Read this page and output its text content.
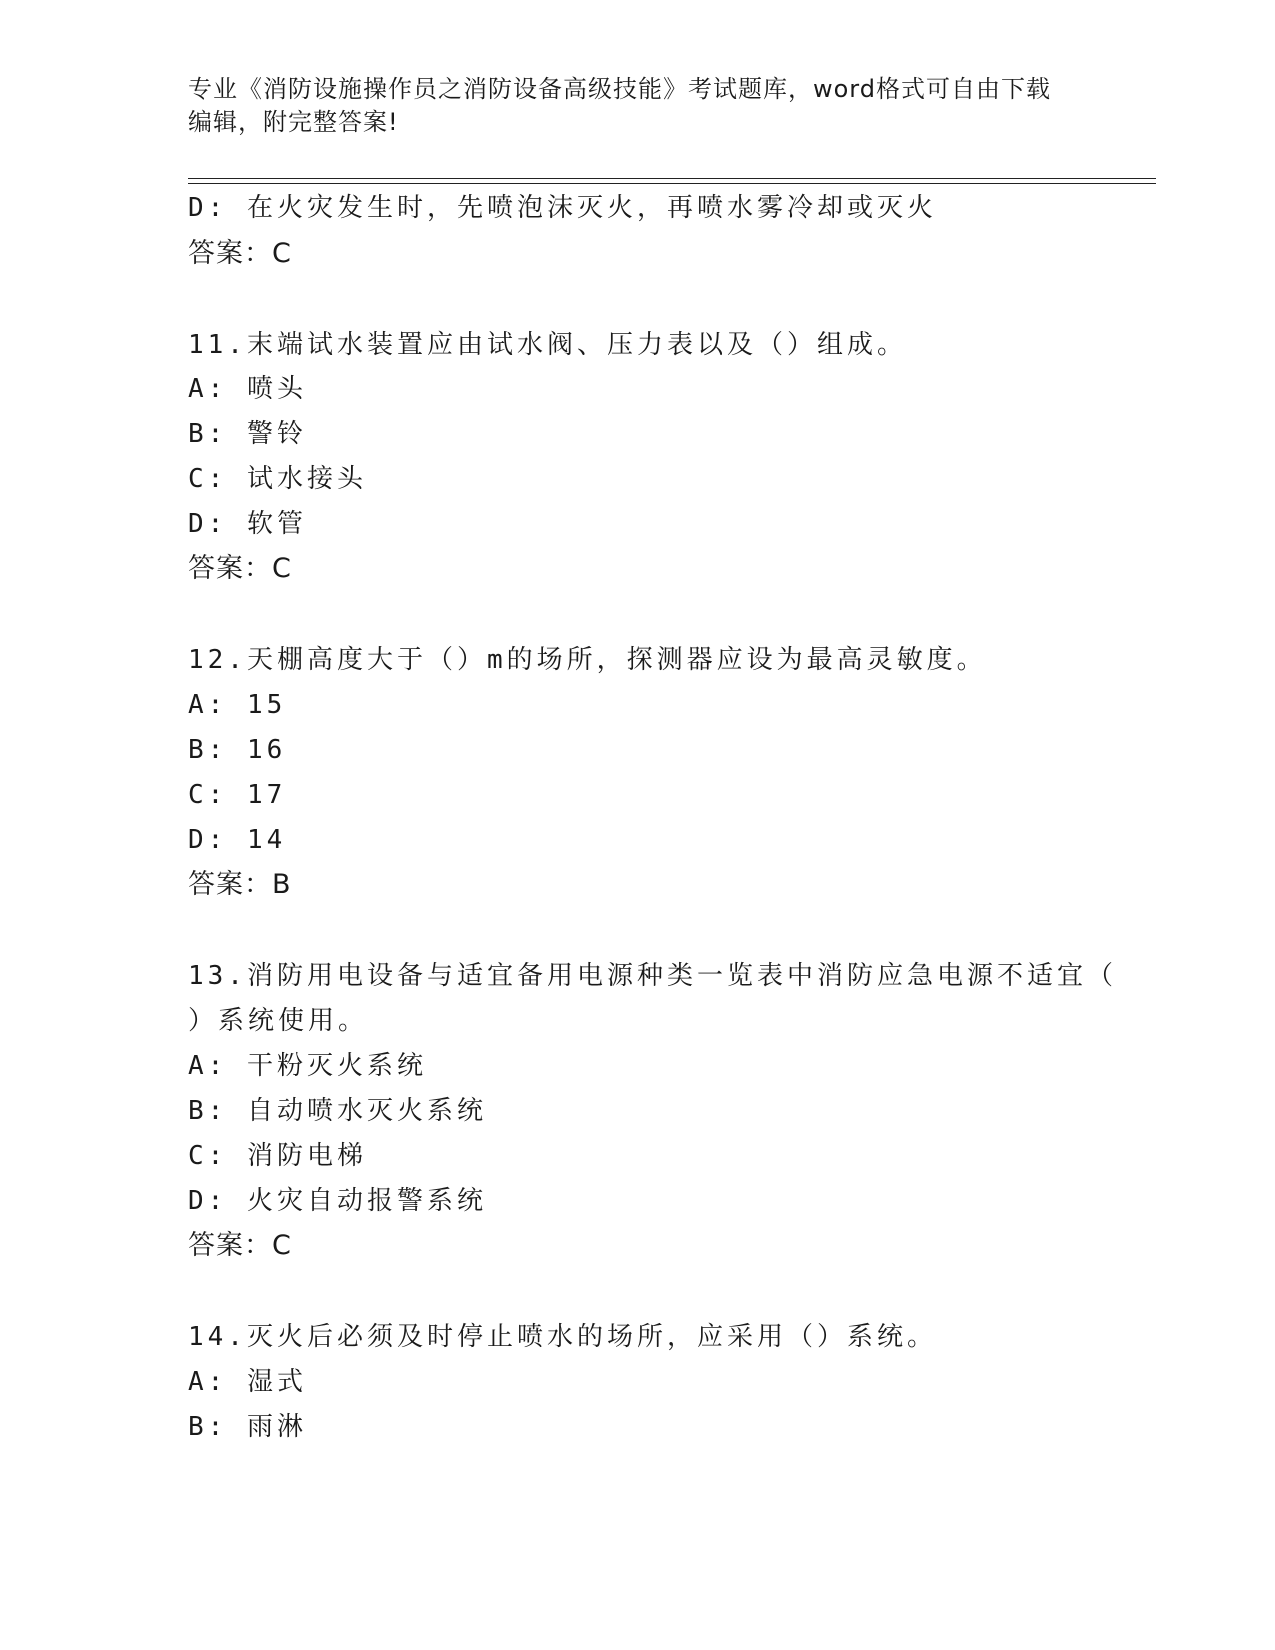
专业《消防设施操作员之消防设备高级技能》考试题库，word格式可自由下载编辑，附完整答案!
D: 在火灾发生时，先喷泡沫灭火，再喷水雾冷却或灭火
答案：C
11.末端试水装置应由试水阀、压力表以及（）组成。
A: 喷头
B: 警铃
C: 试水接头
D: 软管
答案：C
12.天棚高度大于（）m的场所，探测器应设为最高灵敏度。
A: 15
B: 16
C: 17
D: 14
答案：B
13.消防用电设备与适宜备用电源种类一览表中消防应急电源不适宜（
）系统使用。
A: 干粉灭火系统
B: 自动喷水灭火系统
C: 消防电梯
D: 火灾自动报警系统
答案：C
14.灭火后必须及时停止喷水的场所，应采用（）系统。
A: 湿式
B: 雨淋
